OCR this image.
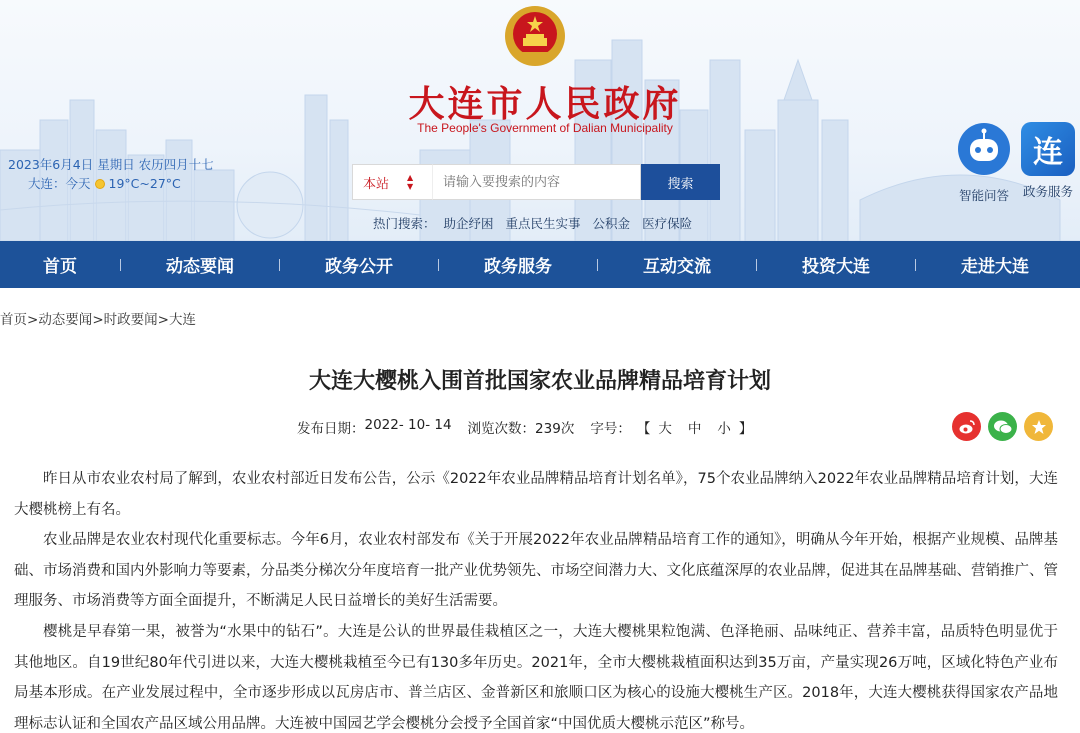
大连市人民政府
The People's Government of Dalian Municipality
2023年6月4日 星期日 农历四月十七
大连：今天 19°C~27°C	本站 ▲
▼
请输入要搜索的内容	搜索
热门搜索： 助企纾困 重点民生实事 公积金 医疗保险
智能问答
连
政务服务
首页	动态要闻	政务公开	政务服务	互动交流	投资大连	走进大连
首页>动态要闻>时政要闻>大连
大连大樱桃入围首批国家农业品牌精品培育计划
发布日期： 2022- 10- 14 浏览次数： 239次 字号： 【 大	中	小 】

昨日从市农业农村局了解到，农业农村部近日发布公告，公示《2022年农业品牌精品培育计划名单》，75个农业品牌纳入2022年农业品牌精品培育计划，大连大樱桃榜上有名。

农业品牌是农业农村现代化重要标志。今年6月，农业农村部发布《关于开展2022年农业品牌精品培育工作的通知》，明确从今年开始，根据产业规模、品牌基础、市场消费和国内外影响力等要素，分品类分梯次分年度培育一批产业优势领先、市场空间潜力大、文化底蕴深厚的农业品牌，促进其在品牌基础、营销推广、管理服务、市场消费等方面全面提升，不断满足人民日益增长的美好生活需要。

樱桃是早春第一果，被誉为“水果中的钻石”。大连是公认的世界最佳栽植区之一，大连大樱桃果粒饱满、色泽艳丽、品味纯正、营养丰富，品质特色明显优于其他地区。自19世纪80年代引进以来，大连大樱桃栽植至今已有130多年历史。2021年，全市大樱桃栽植面积达到35万亩，产量实现26万吨，区域化特色产业布局基本形成。在产业发展过程中，全市逐步形成以瓦房店市、普兰店区、金普新区和旅顺口区为核心的设施大樱桃生产区。2018年，大连大樱桃获得国家农产品地理标志认证和全国农产品区域公用品牌。大连被中国园艺学会樱桃分会授予全国首家“中国优质大樱桃示范区”称号。
